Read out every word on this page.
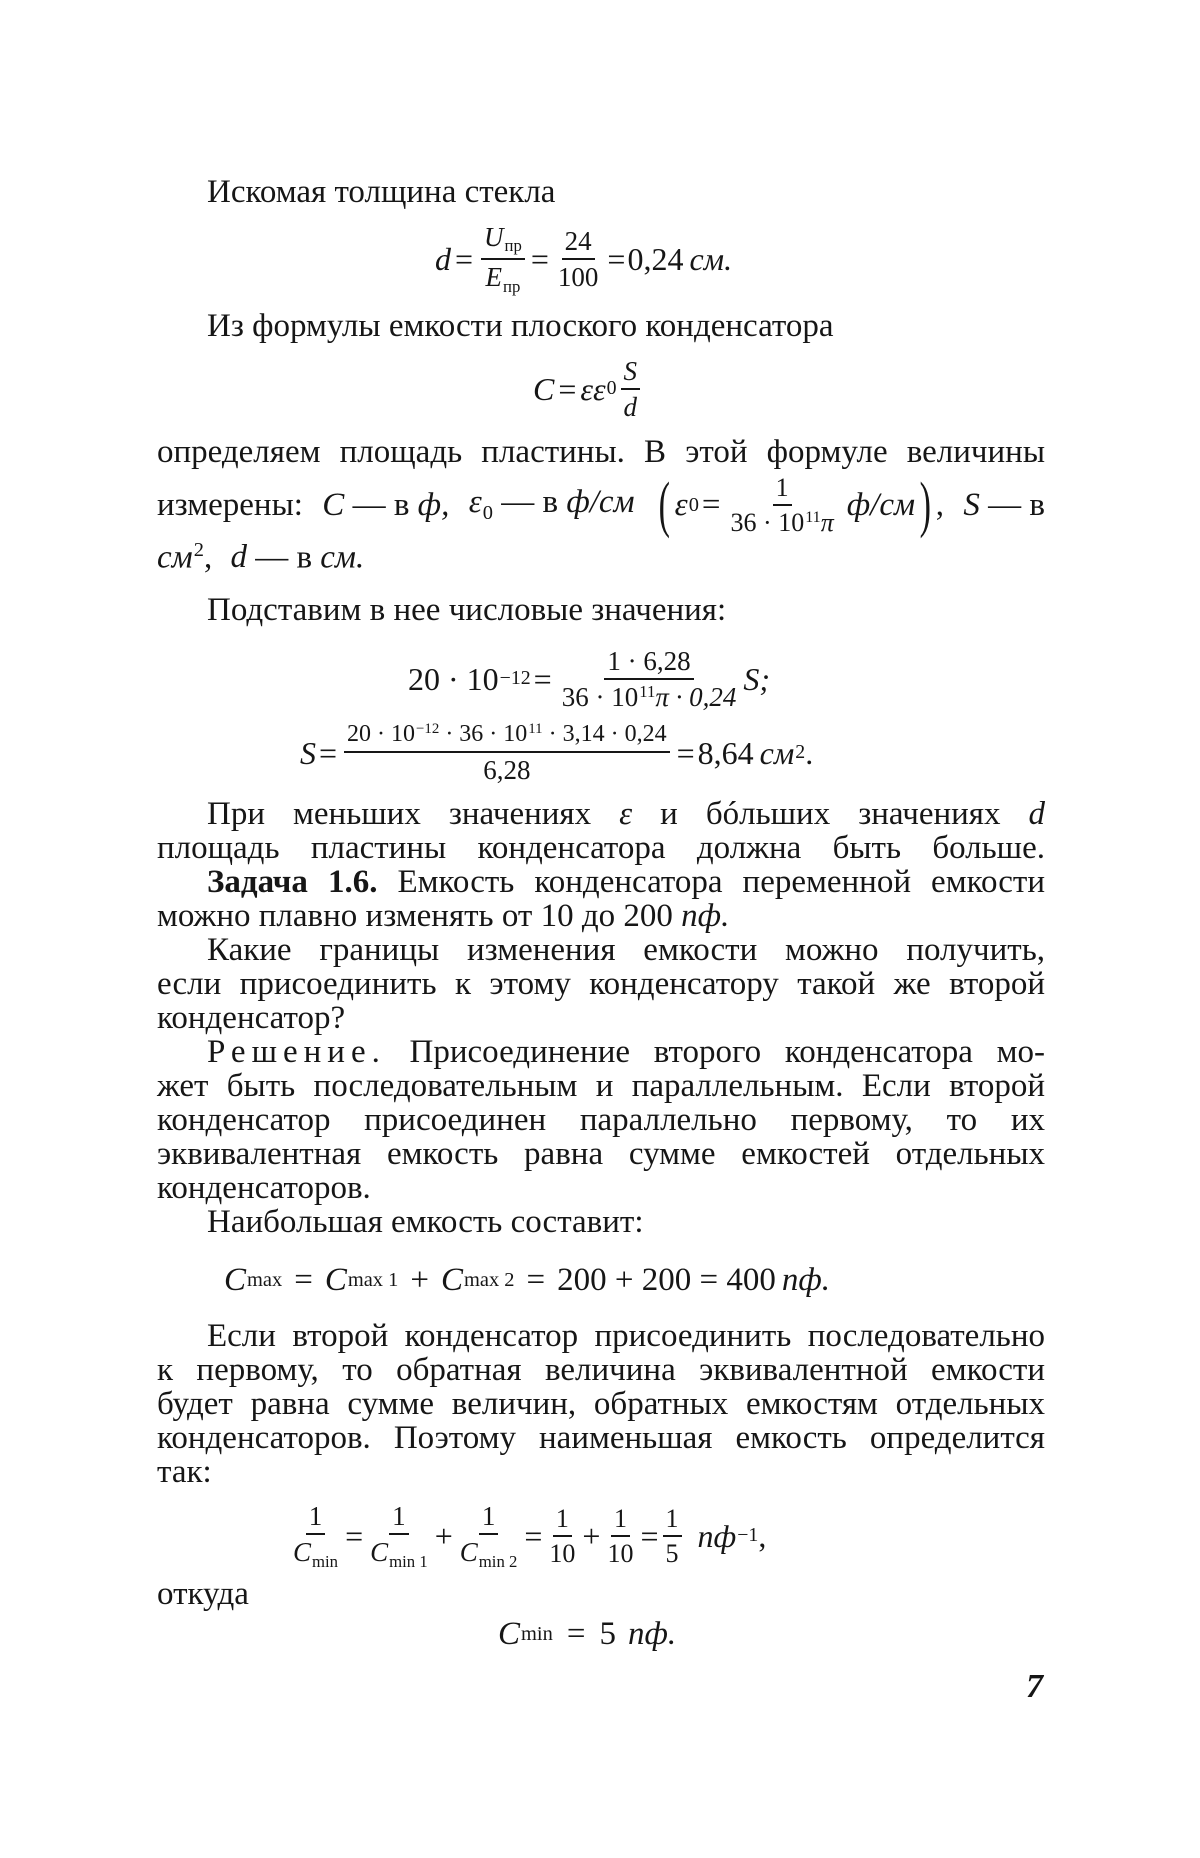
Искомая толщина стекла
$d = \frac{U_{пр}}{E_{пр}} = \frac{24}{100} = 0,24$ см.
Из формулы емкости плоского конденсатора
C = εε $0 \frac{S}{d}$
определяем площадь пластины. В этой формуле величины
измерены: C — в ф, $\varepsilon_0$ — в ф/см ( ε $0 = \frac{1}{36 \cdot 10^{11}\pi} ф/см$ ) , S — в
$см^2$, d — в см.
Подставим в нее числовые значения:
$20 \cdot 10 -12 = \frac{1 \cdot 6,28}{36 \cdot 10^{11}\pi \cdot 0,24} S$;
$S = \frac{20 \cdot 10^{-12} \cdot 36 \cdot 10^{11} \cdot 3,14 \cdot 0,24}{6,28} = 8,64$ см 2 .
При меньших значениях ε и бóльших значениях d
площадь пластины конденсатора должна быть больше.
Задача 1.6. Емкость конденсатора переменной емкости
можно плавно изменять от 10 до 200 пф.
Какие границы изменения емкости можно получить,
если присоединить к этому конденсатору такой же второй
конденсатор?
Решение. Присоединение второго конденсатора мо-
жет быть последовательным и параллельным. Если второй
конденсатор присоединен параллельно первому, то их
эквивалентная емкость равна сумме емкостей отдельных
конденсаторов.
Наибольшая емкость составит:
C max = C max 1 + C max 2 = 200 + 200 = 400 пф.
Если второй конденсатор присоединить последовательно
к первому, то обратная величина эквивалентной емкости
будет равна сумме величин, обратных емкостям отдельных
конденсаторов. Поэтому наименьшая емкость определится
так:
$\frac{1}{C_{min}} = \frac{1}{C_{min 1}} + \frac{1}{C_{min 2}} = \frac{1}{10} + \frac{1}{10} = \frac{1}{5}$ пф −1 ,
откуда
C min = 5 пф.
7
